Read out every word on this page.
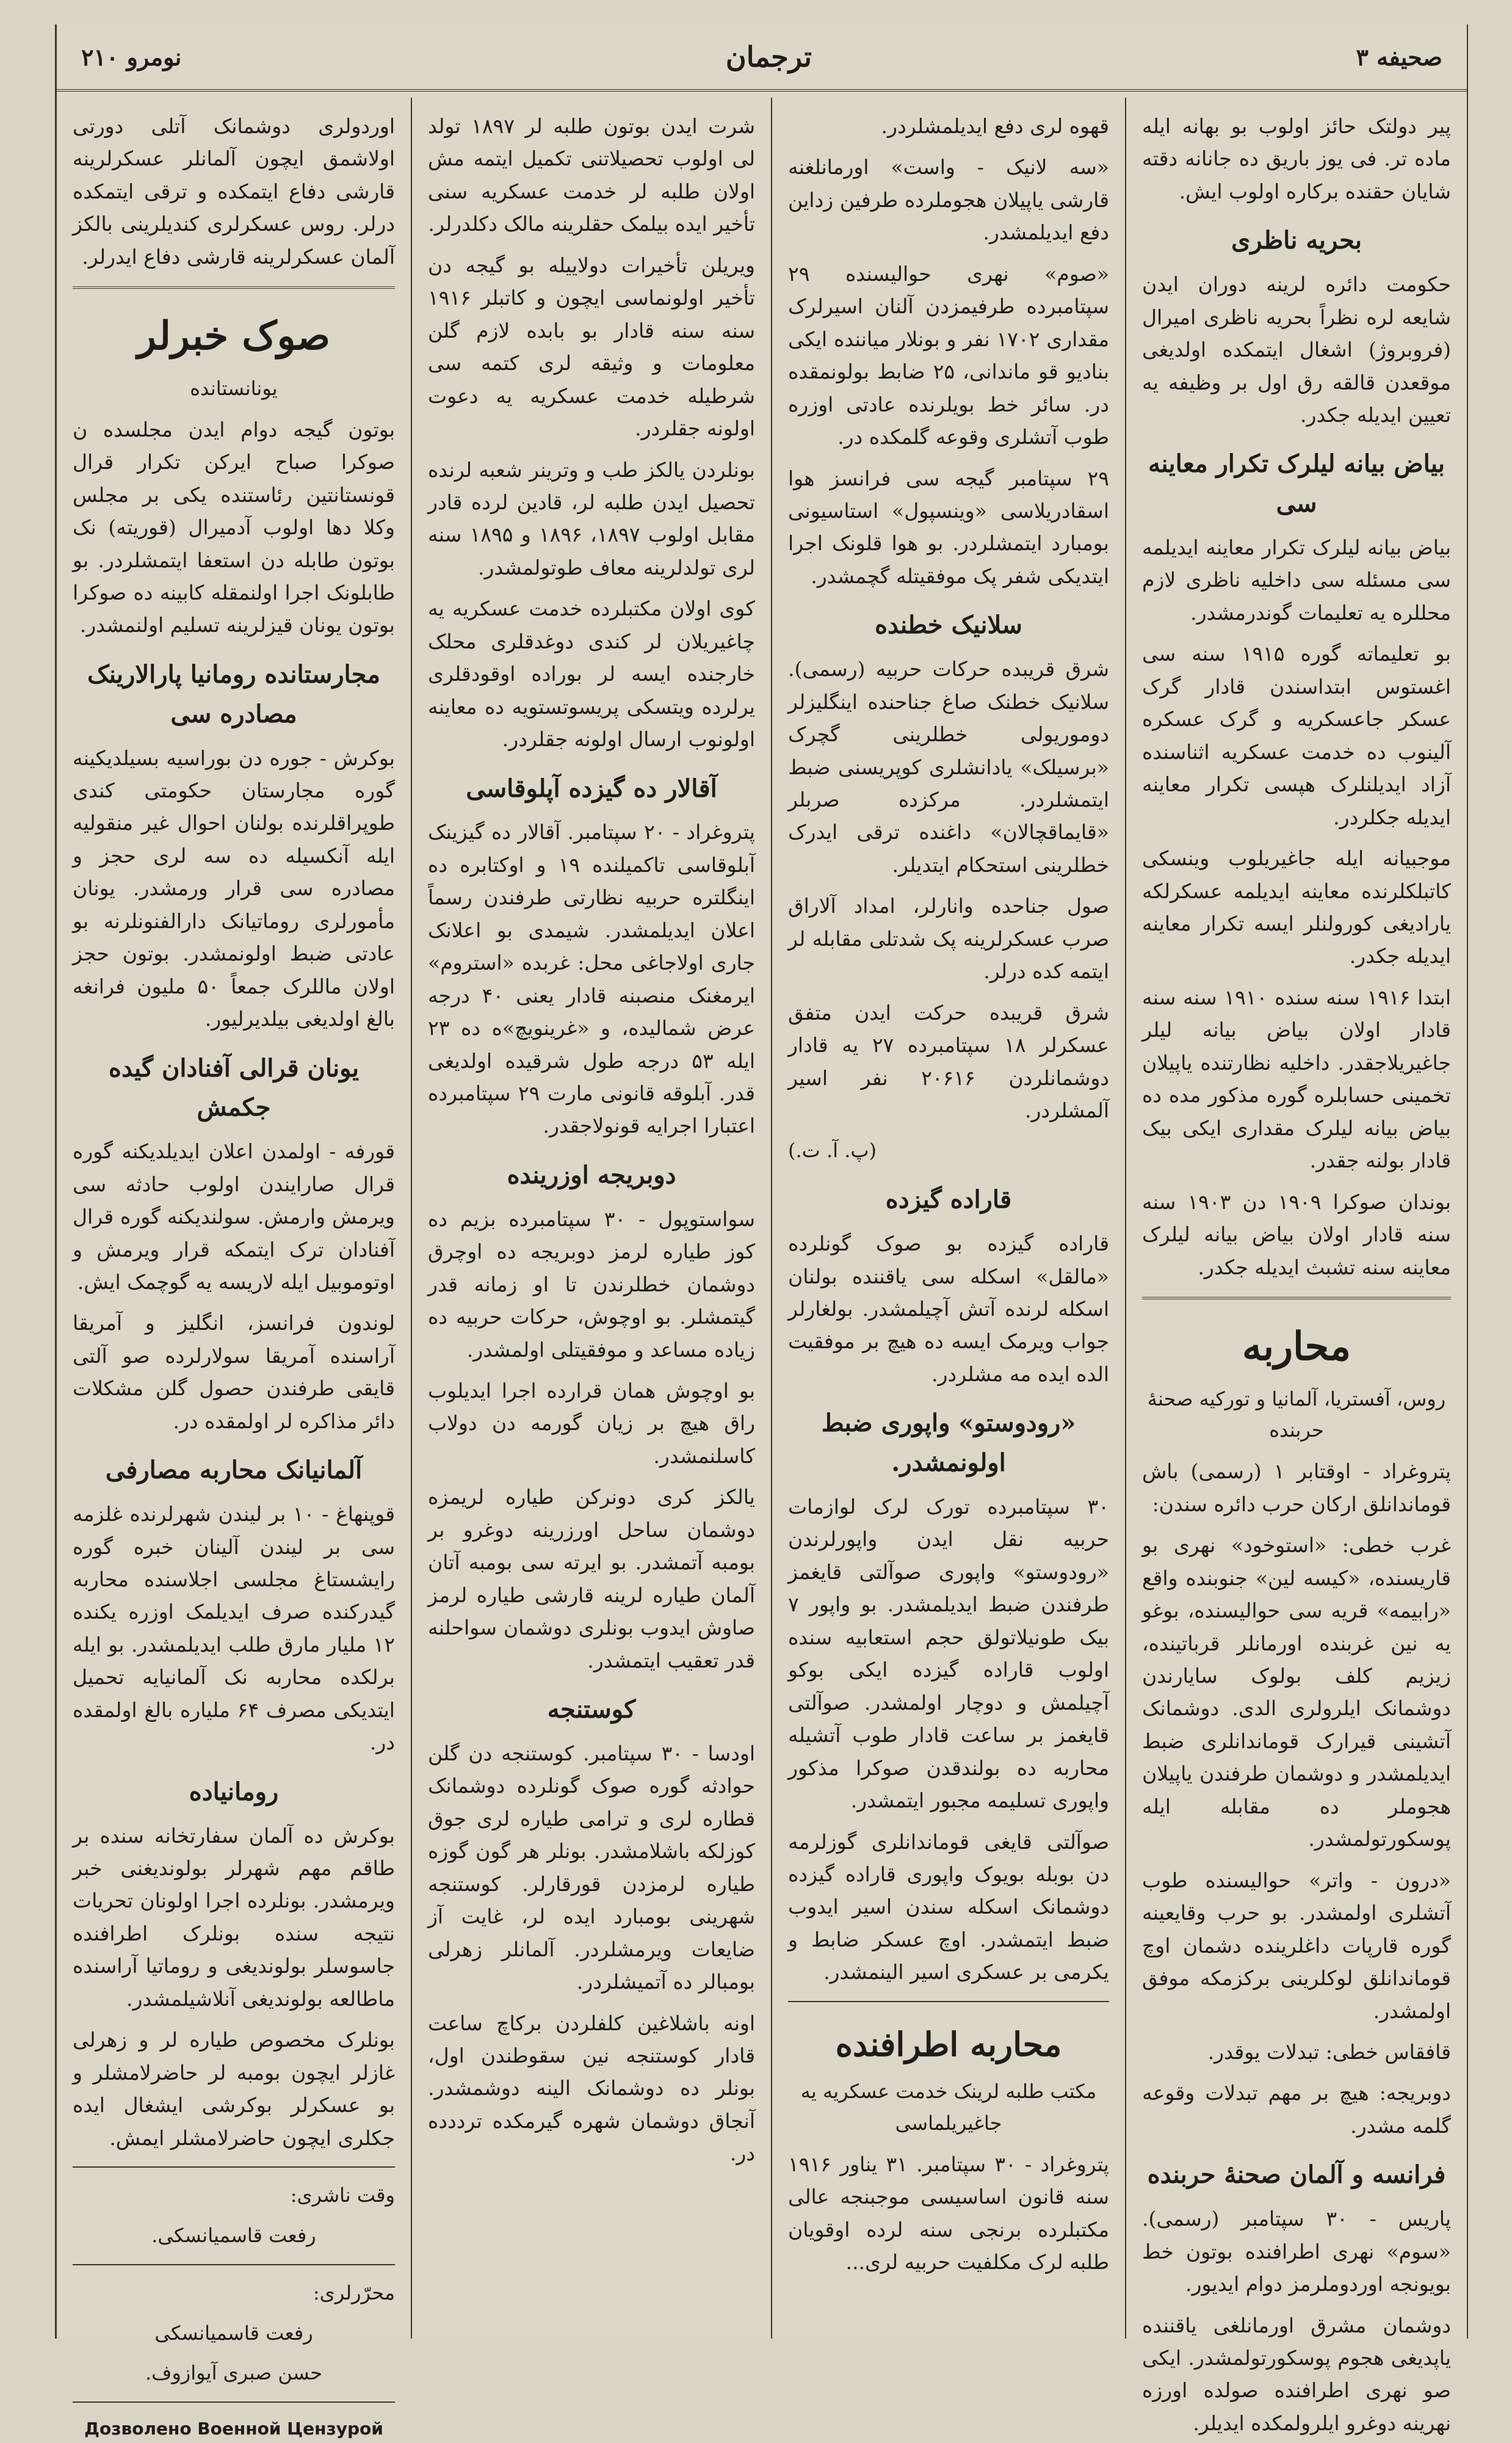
صحیفه ۳
ترجمان
نومرو ۲۱۰

پیر دولتک حائز اولوب بو بهانه ایله ماده تر. فی یوز باریق ده جانانه دقته شایان حقنده برکاره اولوب ایش.

بحریه ناظری

حکومت دائره لرینه دوران ایدن شایعه لره نظراً بحریه ناظری امیرال (فروبروژ) اشغال ایتمکده اولدیغی موقعدن قالقه رق اول بر وظیفه یه تعیین ایدیله جکدر.

بیاض بیانه لیلرک تکرار معاینه سی

بیاض بیانه لیلرک تکرار معاینه ایدیلمه سی مسئله سی داخلیه ناظری لازم محللره یه تعلیمات گوندرمشدر.

بو تعلیماته گوره ۱۹۱۵ سنه سی اغستوس ابتداسندن قادار گرک عسکر جاعسکریه و گرک عسکره آلینوب ده خدمت عسکریه اثناسنده آزاد ایدیلنلرک هپسی تکرار معاینه ایدیله جکلردر.

موجبیانه ایله جاغیریلوب وینسکی کاتبلکلرنده معاینه ایدیلمه عسکرلکه یارادیغی کورولنلر ایسه تکرار معاینه ایدیله جکدر.

ابتدا ۱۹۱۶ سنه سنده ۱۹۱۰ سنه سنه قادار اولان بیاض بیانه لیلر جاغیریلاجقدر. داخلیه نظارتنده یاپیلان تخمینی حسابلره گوره مذکور مده ده بیاض بیانه لیلرک مقداری ایکی بیک قادار بولنه جقدر.

بوندان صوکرا ۱۹۰۹ دن ۱۹۰۳ سنه سنه قادار اولان بیاض بیانه لیلرک معاینه سنه تشبث ایدیله جکدر.

محاربه
روس، آفستریا، آلمانیا و تورکیه صحنهٔ حربنده

پتروغراد - اوقتابر ۱ (رسمی) باش قوماندانلق ارکان حرب دائره سندن:

غرب خطی: «استوخود» نهری بو قاریسنده، «کیسه لین» جنوبنده واقع «رابیمه» قریه سی حوالیسنده، بوغو یه نین غربنده اورمانلر قرباتینده، زیزیم کلف بولوک سایارندن دوشمانک ایلرولری الدی. دوشمانک آتشینی قیرارک قوماندانلری ضبط ایدیلمشدر و دوشمان طرفندن یاپیلان هجوملر ده مقابله ایله پوسکورتولمشدر.

«درون - واتر» حوالیسنده طوب آتشلری اولمشدر. بو حرب وقایعینه گوره قارپات داغلرینده دشمان اوچ قوماندانلق لوکلرینی برکزمکه موفق اولمشدر.

قافقاس خطی: تبدلات یوقدر.

دوبریجه: هیچ بر مهم تبدلات وقوعه گلمه مشدر.

فرانسه و آلمان صحنهٔ حربنده

پاریس - ۳۰ سپتامبر (رسمی). «سوم» نهری اطرافنده بوتون خط بویونجه اوردوملرمز دوام ایدیور.

دوشمان مشرق اورمانلغی یاقننده یاپدیغی هجوم پوسکورتولمشدر. ایکی صو نهری اطرافنده صولده اورزه نهرینه دوغرو ایلرولمکده ایدیلر.

قهوه لری دفع ایدیلمشلردر.

«سه لانیک - واست» اورمانلغنه قارشی یاپیلان هجوملرده طرفین زداین دفع ایدیلمشدر.

«صوم» نهری حوالیسنده ۲۹ سپتامبرده طرفیمزدن آلنان اسیرلرک مقداری ۱۷۰۲ نفر و بونلار میاننده ایکی بنادیو قو ماندانی، ۲۵ ضابط بولونمقده در. سائر خط بویلرنده عادتی اوزره طوب آتشلری وقوعه گلمکده در.

۲۹ سپتامبر گیجه سی فرانسز هوا اسقادریلاسی «وینسپول» استاسیونی بومبارد ایتمشلردر. بو هوا قلونک اجرا ایتدیکی شفر پک موفقیتله گچمشدر.

سلانیک خطنده

شرق قریبده حرکات حربیه (رسمی). سلانیک خطنک صاغ جناحنده اینگلیزلر دوموریولی خطلرینی گچرک «برسیلک» یادانشلری کوپریسنی ضبط ایتمشلردر. مرکزده صربلر «قایماقچالان» داغنده ترقی ایدرک خطلرینی استحکام ایتدیلر.

صول جناحده وانارلر، امداد آلاراق صرب عسکرلرینه پک شدتلی مقابله لر ایتمه کده درلر.

شرق قریبده حرکت ایدن متفق عسکرلر ۱۸ سپتامبرده ۲۷ یه قادار دوشمانلردن ۲۰۶۱۶ نفر اسیر آلمشلردر.

(پ. آ. ت.)

قاراده گیزده

قاراده گیزده بو صوک گونلرده «مالقل» اسکله سی یاقننده بولنان اسکله لرنده آتش آچیلمشدر. بولغارلر جواب ویرمک ایسه ده هیچ بر موفقیت الده ایده مه مشلردر.

«رودوستو» واپوری ضبط اولونمشدر.

۳۰ سپتامبرده تورک لرک لوازمات حربیه نقل ایدن واپورلرندن «رودوستو» واپوری صوآلتی قایغمز طرفندن ضبط ایدیلمشدر. بو واپور ۷ بیک طونیلاتولق حجم استعابیه سنده اولوب قاراده گیزده ایکی بوکو آچیلمش و دوچار اولمشدر. صوآلتی قایغمز بر ساعت قادار طوب آتشیله محاربه ده بولندقدن صوکرا مذکور واپوری تسلیمه مجبور ایتمشدر.

صوآلتی قایغی قوماندانلری گوزلرمه دن بوبله بویوک واپوری قاراده گیزده دوشمانک اسکله سندن اسیر ایدوب ضبط ایتمشدر. اوچ عسکر ضابط و یکرمی بر عسکری اسیر الینمشدر.

محاربه اطرافنده
مکتب طلبه لرینک خدمت عسکریه یه جاغیریلماسی

پتروغراد - ۳۰ سپتامبر. ۳۱ یناور ۱۹۱۶ سنه قانون اساسیسی موجبنجه عالی مکتبلرده برنجی سنه لرده اوقویان طلبه لرک مکلفیت حربیه لری...

شرت ایدن بوتون طلبه لر ۱۸۹۷ تولد لی اولوب تحصیلاتنی تکمیل ایتمه مش اولان طلبه لر خدمت عسکریه سنی تأخیر ایده بیلمک حقلرینه مالک دکلدرلر.

ویریلن تأخیرات دولاییله بو گیجه دن تأخیر اولونماسی ایچون و کاتبلر ۱۹۱۶ سنه سنه قادار بو بابده لازم گلن معلومات و وثیقه لری کتمه سی شرطیله خدمت عسکریه یه دعوت اولونه جقلردر.

بونلردن یالکز طب و وترینر شعبه لرنده تحصیل ایدن طلبه لر، قادین لرده قادر مقابل اولوب ۱۸۹۷، ۱۸۹۶ و ۱۸۹۵ سنه لری تولدلرینه معاف طوتولمشدر.

کوی اولان مکتبلرده خدمت عسکریه یه چاغیریلان لر کندی دوغدقلری محلک خارجنده ایسه لر بوراده اوقودقلری یرلرده ویتسکی پریسوتستویه ده معاینه اولونوب ارسال اولونه جقلردر.

آقالار ده گیزده آپلوقاسی

پتروغراد - ۲۰ سپتامبر. آقالار ده گیزینک آبلوقاسی تاکمیلنده ۱۹ و اوکتابره ده اینگلتره حربیه نظارتی طرفندن رسماً اعلان ایدیلمشدر. شیمدی بو اعلانک جاری اولاجاغی محل: غربده «استروم» ایرمغنک منصبنه قادار یعنی ۴۰ درجه عرض شمالیده، و «غرینویچ»ه ده ۲۳ ایله ۵۳ درجه طول شرقیده اولدیغی قدر. آبلوقه قانونی مارت ۲۹ سپتامبرده اعتبارا اجرایه قونولاجقدر.

دوبریجه اوزرینده

سواستوپول - ۳۰ سپتامبرده بزیم ده کوز طیاره لرمز دوبریجه ده اوچرق دوشمان خطلرندن تا او زمانه قدر گیتمشلر. بو اوچوش، حرکات حربیه ده زیاده مساعد و موفقیتلی اولمشدر.

بو اوچوش همان قرارده اجرا ایدیلوب راق هیچ بر زیان گورمه دن دولاب کاسلنمشدر.

یالکز کری دونرکن طیاره لریمزه دوشمان ساحل اورزرینه دوغرو بر بومبه آتمشدر. بو ایرته سی بومبه آتان آلمان طیاره لرینه قارشی طیاره لرمز صاوش ایدوب بونلری دوشمان سواحلنه قدر تعقیب ایتمشدر.

کوستنجه

اودسا - ۳۰ سپتامبر. کوستنجه دن گلن حوادثه گوره صوک گونلرده دوشمانک قطاره لری و ترامی طیاره لری جوق کوزلکه باشلامشدر. بونلر هر گون گوزه طیاره لرمزدن قورقارلر. کوستنجه شهرینی بومبارد ایده لر، غایت آز ضایعات ویرمشلردر. آلمانلر زهرلی بومبالر ده آتمیشلردر.

اونه باشلاغین کلفلردن برکاچ ساعت قادار کوستنجه نین سقوطندن اول، بونلر ده دوشمانک الینه دوشمشدر. آنجاق دوشمان شهره گیرمکده ترددده در.

اوردولری دوشمانک آتلی دورتی اولاشمق ایچون آلمانلر عسکرلرینه قارشی دفاع ایتمکده و ترقی ایتمکده درلر. روس عسکرلری کندیلرینی بالکز آلمان عسکرلرینه قارشی دفاع ایدرلر.

صوک خبرلر
یونانستانده

بوتون گیجه دوام ایدن مجلسده ن صوکرا صباح ایرکن تکرار قرال قونستانتین رئاستنده یکی بر مجلس وکلا دها اولوب آدمیرال (قوریته) نک بوتون طابله دن استعفا ایتمشلردر. بو طابلونک اجرا اولنمقله کابینه ده صوکرا بوتون یونان قیزلرینه تسلیم اولنمشدر.

مجارستانده رومانیا پارالارینک مصادره سی

بوکرش - جوره دن بوراسیه بسیلدیکینه گوره مجارستان حکومتی کندی طوپراقلرنده بولنان احوال غیر منقولیه ایله آنکسیله ده سه لری حجز و مصادره سی قرار ورمشدر. یونان مأمورلری روماتیانک دارالفنونلرنه بو عادتی ضبط اولونمشدر. بوتون حجز اولان ماللرک جمعاً ۵۰ ملیون فرانغه بالغ اولدیغی بیلدیرلیور.

یونان قرالی آفنادان گیده جکمش

قورفه - اولمدن اعلان ایدیلدیکنه گوره قرال صارایندن اولوب حادثه سی ویرمش وارمش. سولندیکنه گوره قرال آفنادان ترک ایتمکه قرار ویرمش و اوتوموبیل ایله لاریسه یه گوچمک ایش.

لوندون فرانسز، انگلیز و آمریقا آراسنده آمریقا سولارلرده صو آلتی قایقی طرفندن حصول گلن مشکلات دائر مذاکره لر اولمقده در.

آلمانیانک محاربه مصارفی

قوپنهاغ - ۱۰ بر لیندن شهرلرنده غلزمه سی بر لیندن آلینان خبره گوره رایشستاغ مجلسی اجلاسنده محاربه گیدرکنده صرف ایدیلمک اوزره یکنده ۱۲ ملیار مارق طلب ایدیلمشدر. بو ایله برلکده محاربه نک آلمانیایه تحمیل ایتدیکی مصرف ۶۴ ملیاره بالغ اولمقده در.

رومانیاده

بوکرش ده آلمان سفارتخانه سنده بر طاقم مهم شهرلر بولوندیغنی خبر ویرمشدر. بونلرده اجرا اولونان تحریات نتیجه سنده بونلرک اطرافنده جاسوسلر بولوندیغی و روماتیا آراسنده ماطالعه بولوندیغی آنلاشیلمشدر.

بونلرک مخصوص طیاره لر و زهرلی غازلر ایچون بومبه لر حاضرلامشلر و بو عسکرلر بوکرشی ایشغال ایده جکلری ایچون حاضرلامشلر ایمش.

وقت ناشری:

رفعت قاسمیانسکی.

محرّرلری:

رفعت قاسمیانسکی

حسن صبری آیوازوف.

Дозволено Военной Цензурой
